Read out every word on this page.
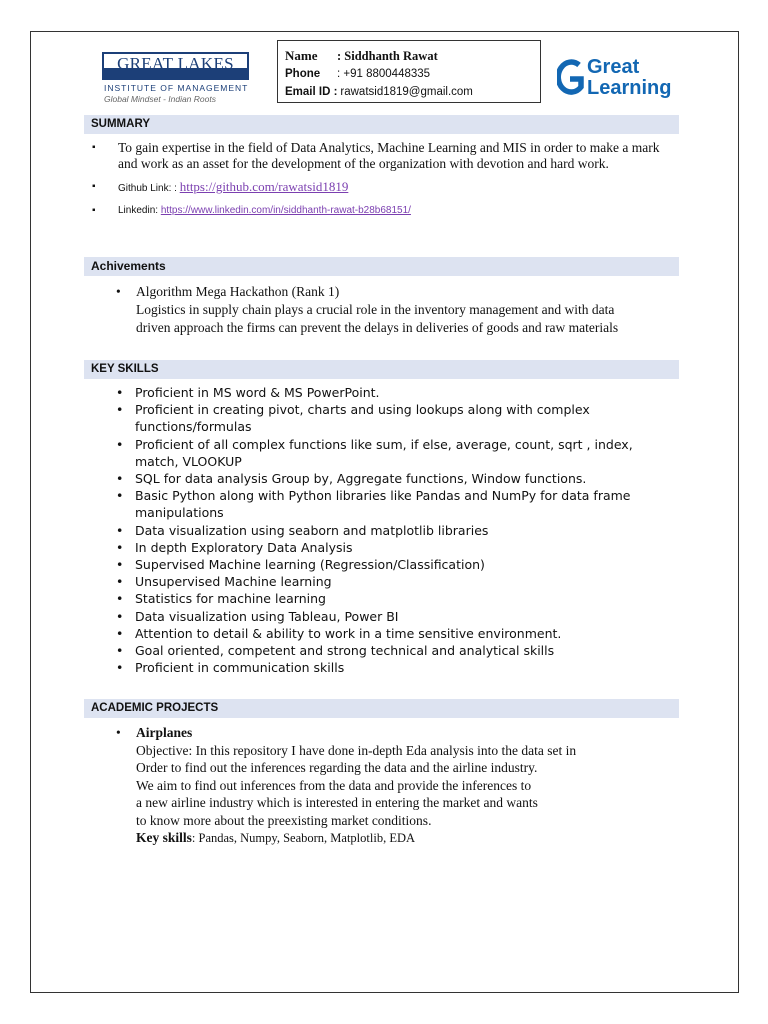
GREAT LAKES
INSTITUTE OF MANAGEMENT
Global Mindset - Indian Roots
Name : Siddhanth Rawat
Phone : +91 8800448335
Email ID : rawatsid1819@gmail.com
Great
Learning
SUMMARY
▪ To gain expertise in the field of Data Analytics, Machine Learning and MIS in order to make a mark and work as an asset for the development of the organization with devotion and hard work.
▪ Github Link: : https://github.com/rawatsid1819
▪ Linkedin: https://www.linkedin.com/in/siddhanth-rawat-b28b68151/
Achivements
• Algorithm Mega Hackathon (Rank 1)
Logistics in supply chain plays a crucial role in the inventory management and with data
driven approach the firms can prevent the delays in deliveries of goods and raw materials
KEY SKILLS
• Proficient in MS word & MS PowerPoint.
• Proficient in creating pivot, charts and using lookups along with complex functions/formulas
• Proficient of all complex functions like sum, if else, average, count, sqrt , index, match, VLOOKUP
• SQL for data analysis Group by, Aggregate functions, Window functions.
• Basic Python along with Python libraries like Pandas and NumPy for data frame manipulations
• Data visualization using seaborn and matplotlib libraries
• In depth Exploratory Data Analysis
• Supervised Machine learning (Regression/Classification)
• Unsupervised Machine learning
• Statistics for machine learning
• Data visualization using Tableau, Power BI
• Attention to detail & ability to work in a time sensitive environment.
• Goal oriented, competent and strong technical and analytical skills
• Proficient in communication skills
ACADEMIC PROJECTS
• Airplanes
Objective: In this repository I have done in-depth Eda analysis into the data set in
Order to find out the inferences regarding the data and the airline industry.
We aim to find out inferences from the data and provide the inferences to
a new airline industry which is interested in entering the market and wants
to know more about the preexisting market conditions.
Key skills: Pandas, Numpy, Seaborn, Matplotlib, EDA
